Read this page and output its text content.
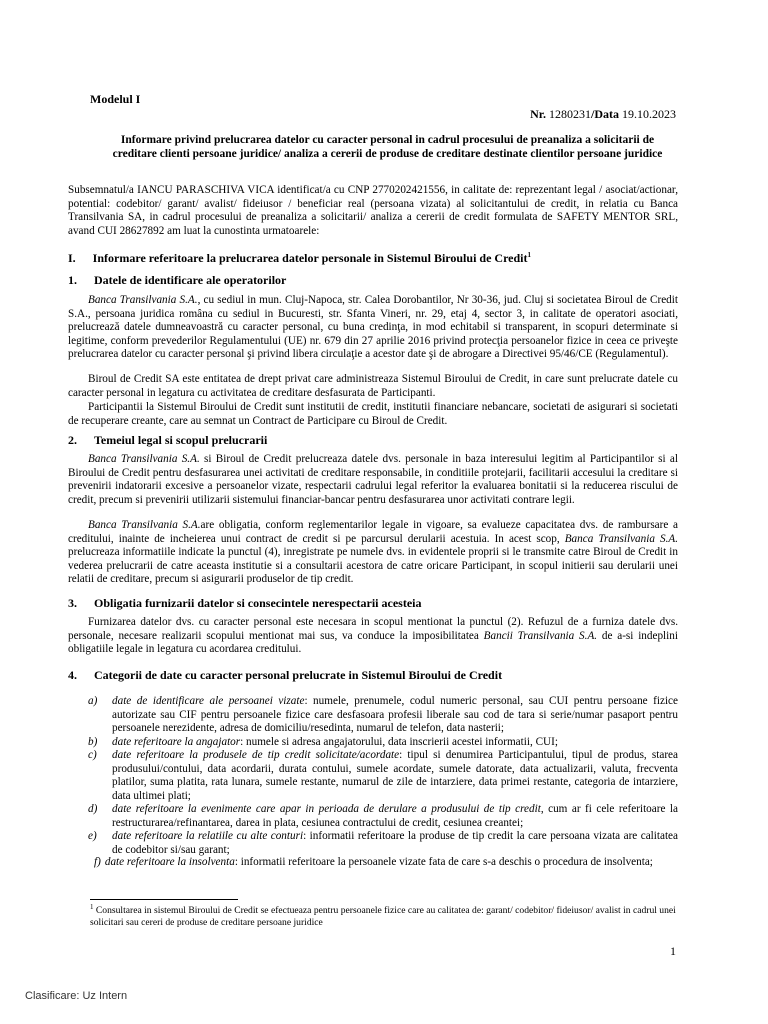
Modelul I
Nr. 1280231/Data 19.10.2023
Informare privind prelucrarea datelor cu caracter personal in cadrul procesului de preanaliza a solicitarii de creditare clienti persoane juridice/ analiza a cererii de produse de creditare destinate clientilor persoane juridice
Subsemnatul/a IANCU PARASCHIVA VICA identificat/a cu CNP 2770202421556, in calitate de: reprezentant legal / asociat/actionar, potential: codebitor/ garant/ avalist/ fideiusor / beneficiar real (persoana vizata) al solicitantului de credit, in relatia cu Banca Transilvania SA, in cadrul procesului de preanaliza a solicitarii/ analiza a cererii de credit formulata de SAFETY MENTOR SRL, avand CUI 28627892 am luat la cunostinta urmatoarele:
I. Informare referitoare la prelucrarea datelor personale in Sistemul Biroului de Credit$^1$
1. Datele de identificare ale operatorilor
Banca Transilvania S.A., cu sediul in mun. Cluj-Napoca, str. Calea Dorobantilor, Nr 30-36, jud. Cluj si societatea Biroul de Credit S.A., persoana juridica româna cu sediul in Bucuresti, str. Sfanta Vineri, nr. 29, etaj 4, sector 3, in calitate de operatori asociati, prelucrează datele dumneavoastră cu caracter personal, cu buna credinţa, in mod echitabil si transparent, in scopuri determinate si legitime, conform prevederilor Regulamentului (UE) nr. 679 din 27 aprilie 2016 privind protecţia persoanelor fizice in ceea ce priveşte prelucrarea datelor cu caracter personal şi privind libera circulaţie a acestor date şi de abrogare a Directivei 95/46/CE (Regulamentul).
Biroul de Credit SA este entitatea de drept privat care administreaza Sistemul Biroului de Credit, in care sunt prelucrate datele cu caracter personal in legatura cu activitatea de creditare desfasurata de Participanti.
Participantii la Sistemul Biroului de Credit sunt institutii de credit, institutii financiare nebancare, societati de asigurari si societati de recuperare creante, care au semnat un Contract de Participare cu Biroul de Credit.
2. Temeiul legal si scopul prelucrarii
Banca Transilvania S.A. si Biroul de Credit prelucreaza datele dvs. personale in baza interesului legitim al Participantilor si al Biroului de Credit pentru desfasurarea unei activitati de creditare responsabile, in conditiile protejarii, facilitarii accesului la creditare si prevenirii indatorarii excesive a persoanelor vizate, respectarii cadrului legal referitor la evaluarea bonitatii si la reducerea riscului de credit, precum si prevenirii utilizarii sistemului financiar-bancar pentru desfasurarea unor activitati contrare legii.
Banca Transilvania S.A.are obligatia, conform reglementarilor legale in vigoare, sa evalueze capacitatea dvs. de rambursare a creditului, inainte de incheierea unui contract de credit si pe parcursul derularii acestuia. In acest scop, Banca Transilvania S.A. prelucreaza informatiile indicate la punctul (4), inregistrate pe numele dvs. in evidentele proprii si le transmite catre Biroul de Credit in vederea prelucrarii de catre aceasta institutie si a consultarii acestora de catre oricare Participant, in scopul initierii sau derularii unei relatii de creditare, precum si asigurarii produselor de tip credit.
3. Obligatia furnizarii datelor si consecintele nerespectarii acesteia
Furnizarea datelor dvs. cu caracter personal este necesara in scopul mentionat la punctul (2). Refuzul de a furniza datele dvs. personale, necesare realizarii scopului mentionat mai sus, va conduce la imposibilitatea Bancii Transilvania S.A. de a-si indeplini obligatiile legale in legatura cu acordarea creditului.
4. Categorii de date cu caracter personal prelucrate in Sistemul Biroului de Credit
a) date de identificare ale persoanei vizate: numele, prenumele, codul numeric personal, sau CUI pentru persoane fizice autorizate sau CIF pentru persoanele fizice care desfasoara profesii liberale sau cod de tara si serie/numar pasaport pentru persoanele nerezidente, adresa de domiciliu/resedinta, numarul de telefon, data nasterii;
b) date referitoare la angajator: numele si adresa angajatorului, data inscrierii acestei informatii, CUI;
c) date referitoare la produsele de tip credit solicitate/acordate: tipul si denumirea Participantului, tipul de produs, starea produsului/contului, data acordarii, durata contului, sumele acordate, sumele datorate, data actualizarii, valuta, frecventa platilor, suma platita, rata lunara, sumele restante, numarul de zile de intarziere, data primei restante, categoria de intarziere, data ultimei plati;
d) date referitoare la evenimente care apar in perioada de derulare a produsului de tip credit, cum ar fi cele referitoare la restructurarea/refinantarea, darea in plata, cesiunea contractului de credit, cesiunea creantei;
e) date referitoare la relatiile cu alte conturi: informatii referitoare la produse de tip credit la care persoana vizata are calitatea de codebitor si/sau garant;
f) date referitoare la insolventa: informatii referitoare la persoanele vizate fata de care s-a deschis o procedura de insolventa;
$^1$ Consultarea in sistemul Biroului de Credit se efectueaza pentru persoanele fizice care au calitatea de: garant/ codebitor/ fideiusor/ avalist in cadrul unei solicitari sau cereri de produse de creditare persoane juridice
1
Clasificare: Uz Intern
